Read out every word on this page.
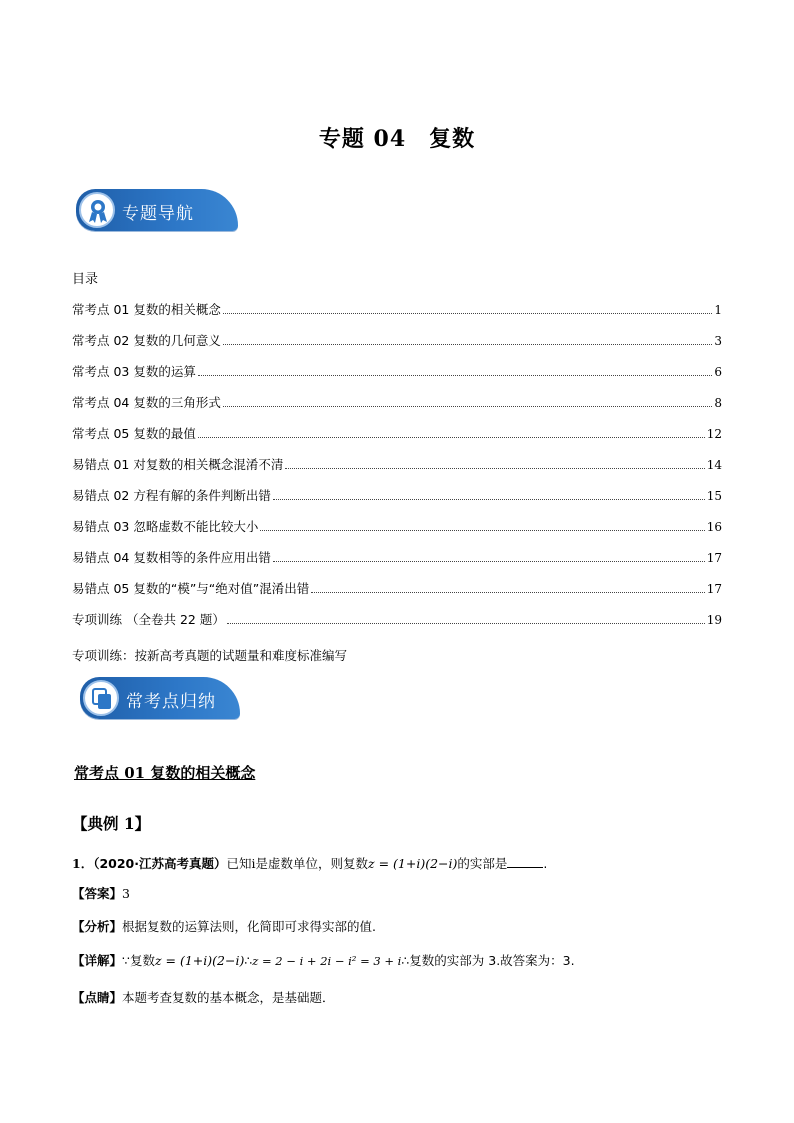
专题 04　复数
专题导航
目录
常考点 01 复数的相关概念	1
常考点 02 复数的几何意义	3
常考点 03 复数的运算	6
常考点 04 复数的三角形式	8
常考点 05 复数的最值	12
易错点 01 对复数的相关概念混淆不清	14
易错点 02 方程有解的条件判断出错	15
易错点 03 忽略虚数不能比较大小	16
易错点 04 复数相等的条件应用出错	17
易错点 05 复数的“模”与“绝对值”混淆出错	17
专项训练 （全卷共 22 题）	19
专项训练：按新高考真题的试题量和难度标准编写
常考点归纳
常考点 01 复数的相关概念
【典例 1】
1．（2020·江苏高考真题）已知i是虚数单位，则复数z = (1+i)(2−i)的实部是	.
【答案】3
【分析】根据复数的运算法则，化简即可求得实部的值.
【详解】∵复数z = (1+i)(2−i)∴z = 2 − i + 2i − i² = 3 + i∴复数的实部为 3.故答案为：3.
【点睛】本题考查复数的基本概念，是基础题．
